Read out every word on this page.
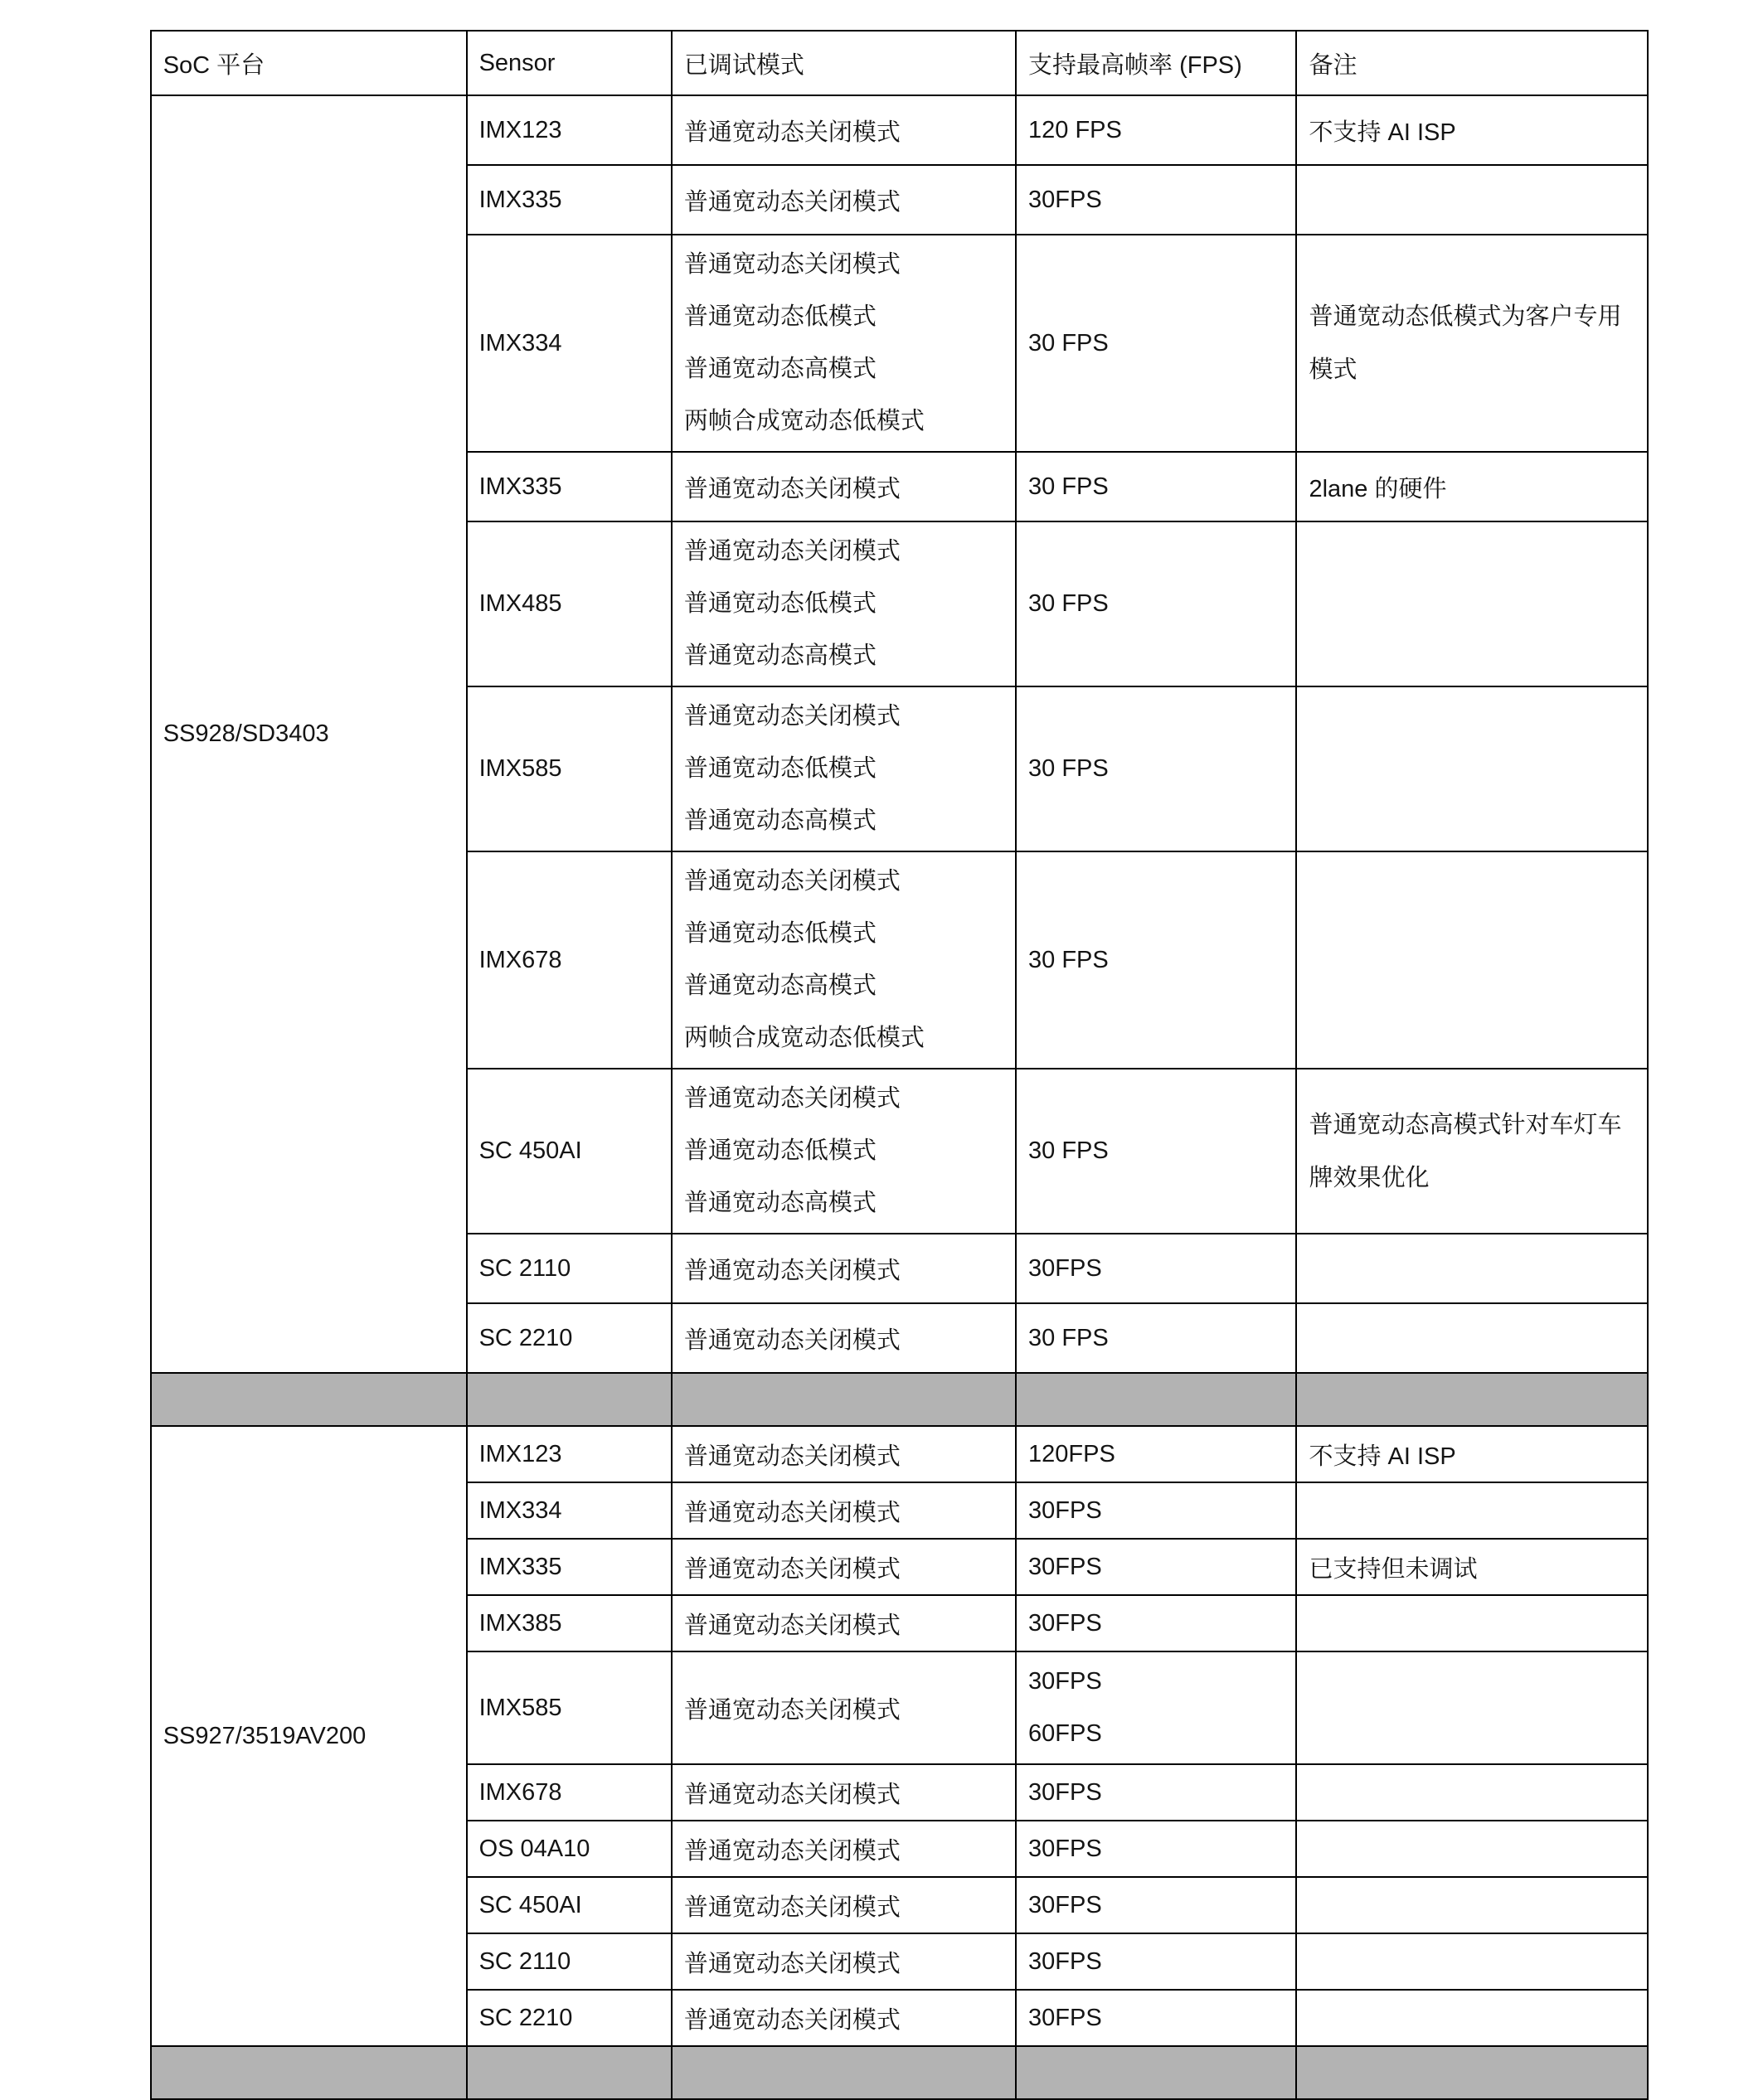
SoC 平台	Sensor	已调试模式	支持最高帧率 (FPS)	备注
SS928/SD3403	IMX123	普通宽动态关闭模式	120 FPS	不支持 AI ISP
	IMX335	普通宽动态关闭模式	30FPS	
	IMX334	普通宽动态关闭模式
普通宽动态低模式
普通宽动态高模式
两帧合成宽动态低模式	30 FPS	普通宽动态低模式为客户专用模式

	IMX335	普通宽动态关闭模式	30 FPS	2lane 的硬件
	IMX485	普通宽动态关闭模式
普通宽动态低模式
普通宽动态高模式	30 FPS	
	IMX585	普通宽动态关闭模式
普通宽动态低模式
普通宽动态高模式	30 FPS	
	IMX678	普通宽动态关闭模式
普通宽动态低模式
普通宽动态高模式
两帧合成宽动态低模式	30 FPS	
	SC 450AI	普通宽动态关闭模式
普通宽动态低模式
普通宽动态高模式	30 FPS	普通宽动态高模式针对车灯车牌效果优化

	SC 2110	普通宽动态关闭模式	30FPS	
	SC 2210	普通宽动态关闭模式	30 FPS	

SS927/3519AV200	IMX123	普通宽动态关闭模式	120FPS	不支持 AI ISP
	IMX334	普通宽动态关闭模式	30FPS	
	IMX335	普通宽动态关闭模式	30FPS	已支持但未调试
	IMX385	普通宽动态关闭模式	30FPS	
	IMX585	普通宽动态关闭模式	30FPS
60FPS	

	IMX678	普通宽动态关闭模式	30FPS	
	OS 04A10	普通宽动态关闭模式	30FPS	
	SC 450AI	普通宽动态关闭模式	30FPS	
	SC 2110	普通宽动态关闭模式	30FPS	
	SC 2210	普通宽动态关闭模式	30FPS	
